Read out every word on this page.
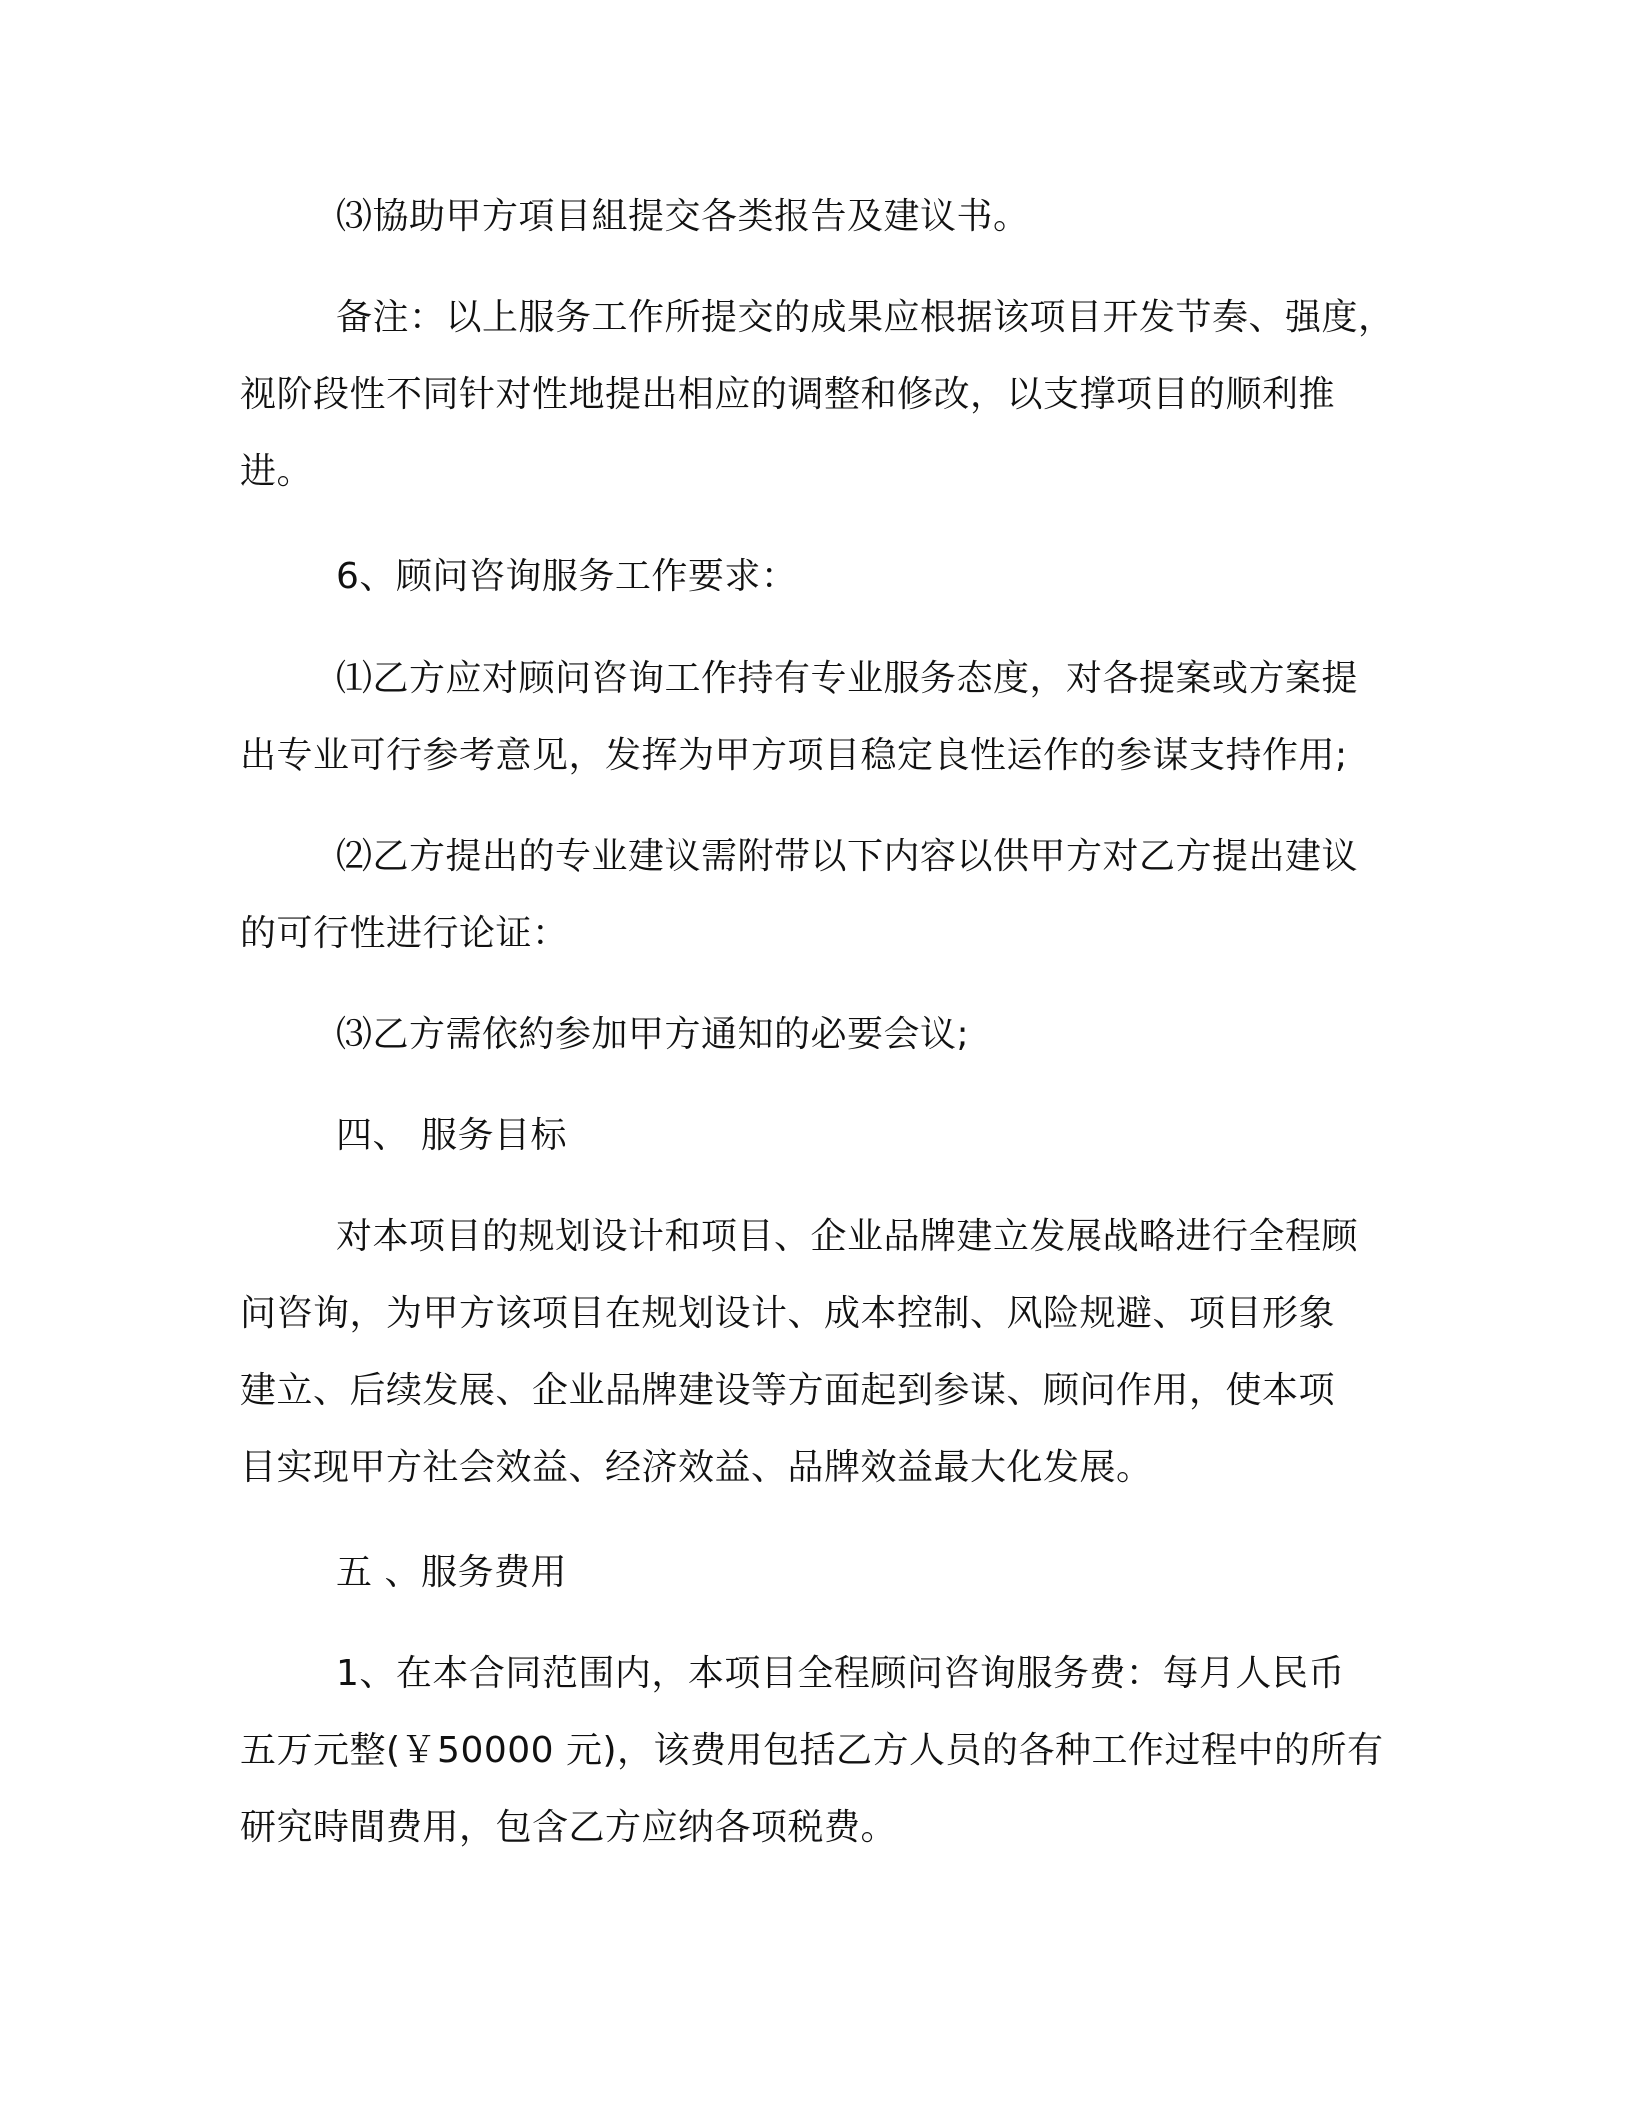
⑶協助甲方項目組提交各类报告及建议书。

备注：以上服务工作所提交的成果应根据该项目开发节奏、强度，
视阶段性不同针对性地提出相应的调整和修改，以支撑项目的顺利推
进。

6、顾问咨询服务工作要求：

⑴乙方应对顾问咨询工作持有专业服务态度，对各提案或方案提
出专业可行参考意见，发挥为甲方项目稳定良性运作的参谋支持作用;

⑵乙方提出的专业建议需附带以下内容以供甲方对乙方提出建议
的可行性进行论证：

⑶乙方需依約参加甲方通知的必要会议;

四、 服务目标

对本项目的规划设计和项目、企业品牌建立发展战略进行全程顾
问咨询，为甲方该项目在规划设计、成本控制、风险规避、项目形象
建立、后续发展、企业品牌建设等方面起到参谋、顾问作用，使本项
目实现甲方社会效益、经济效益、品牌效益最大化发展。

五 、服务费用

1、在本合同范围内，本项目全程顾问咨询服务费：每月人民币
五万元整(￥50000 元)，该费用包括乙方人员的各种工作过程中的所有
研究時間费用，包含乙方应纳各项税费。
